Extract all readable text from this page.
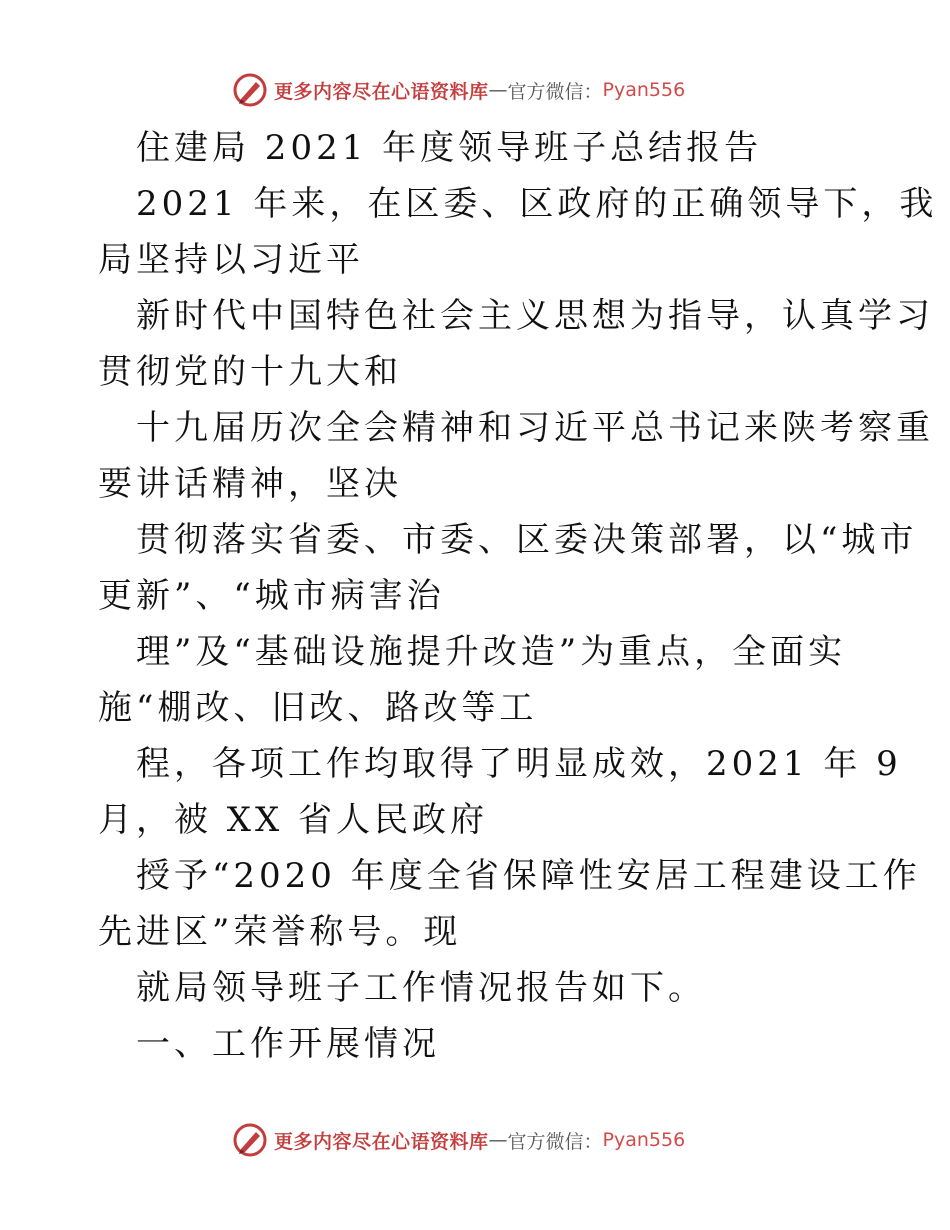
更多内容尽在心语资料库 — 官方微信： Pyan556
住建局 2021 年度领导班子总结报告
2021 年来，在区委、区政府的正确领导下，我
局坚持以习近平
新时代中国特色社会主义思想为指导，认真学习
贯彻党的十九大和
十九届历次全会精神和习近平总书记来陕考察重
要讲话精神，坚决
贯彻落实省委、市委、区委决策部署，以“城市
更新”、“城市病害治
理”及“基础设施提升改造”为重点，全面实
施“棚改、旧改、路改等工
程，各项工作均取得了明显成效，2021 年 9
月，被 XX 省人民政府
授予“2020 年度全省保障性安居工程建设工作
先进区”荣誉称号。现
就局领导班子工作情况报告如下。
一、工作开展情况
更多内容尽在心语资料库 — 官方微信： Pyan556
